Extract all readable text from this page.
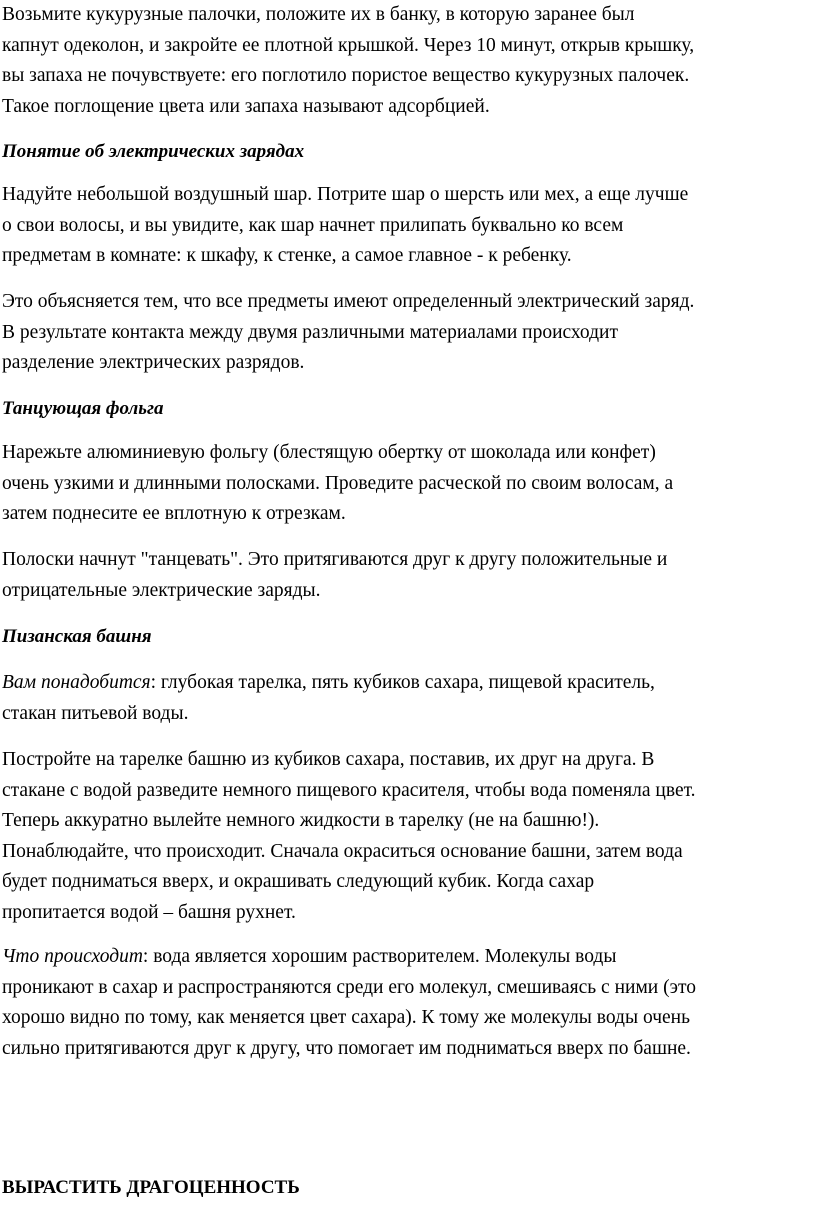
Возьмите кукурузные палочки, положите их в банку, в которую заранее был
капнут одеколон, и закройте ее плотной крышкой. Через 10 минут, открыв крышку,
вы запаха не почувствуете: его поглотило пористое вещество кукурузных палочек.
Такое поглощение цвета или запаха называют адсорбцией.
Понятие об электрических зарядах
Надуйте небольшой воздушный шар. Потрите шар о шерсть или мех, а еще лучше
о свои волосы, и вы увидите, как шар начнет прилипать буквально ко всем
предметам в комнате: к шкафу, к стенке, а самое главное - к ребенку.
Это объясняется тем, что все предметы имеют определенный электрический заряд.
В результате контакта между двумя различными материалами происходит
разделение электрических разрядов.
Танцующая фольга
Нарежьте алюминиевую фольгу (блестящую обертку от шоколада или конфет)
очень узкими и длинными полосками. Проведите расческой по своим волосам, а
затем поднесите ее вплотную к отрезкам.
Полоски начнут "танцевать". Это притягиваются друг к другу положительные и
отрицательные электрические заряды.
Пизанская башня
Вам понадобится: глубокая тарелка, пять кубиков сахара, пищевой краситель,
стакан питьевой воды.
Постройте на тарелке башню из кубиков сахара, поставив, их друг на друга. В
стакане с водой разведите немного пищевого красителя, чтобы вода поменяла цвет.
Теперь аккуратно вылейте немного жидкости в тарелку (не на башню!).
Понаблюдайте, что происходит. Сначала окраситься основание башни, затем вода
будет подниматься вверх, и окрашивать следующий кубик. Когда сахар
пропитается водой – башня рухнет.
Что происходит: вода является хорошим растворителем. Молекулы воды
проникают в сахар и распространяются среди его молекул, смешиваясь с ними (это
хорошо видно по тому, как меняется цвет сахара). К тому же молекулы воды очень
сильно притягиваются друг к другу, что помогает им подниматься вверх по башне.
ВЫРАСТИТЬ ДРАГОЦЕННОСТЬ
